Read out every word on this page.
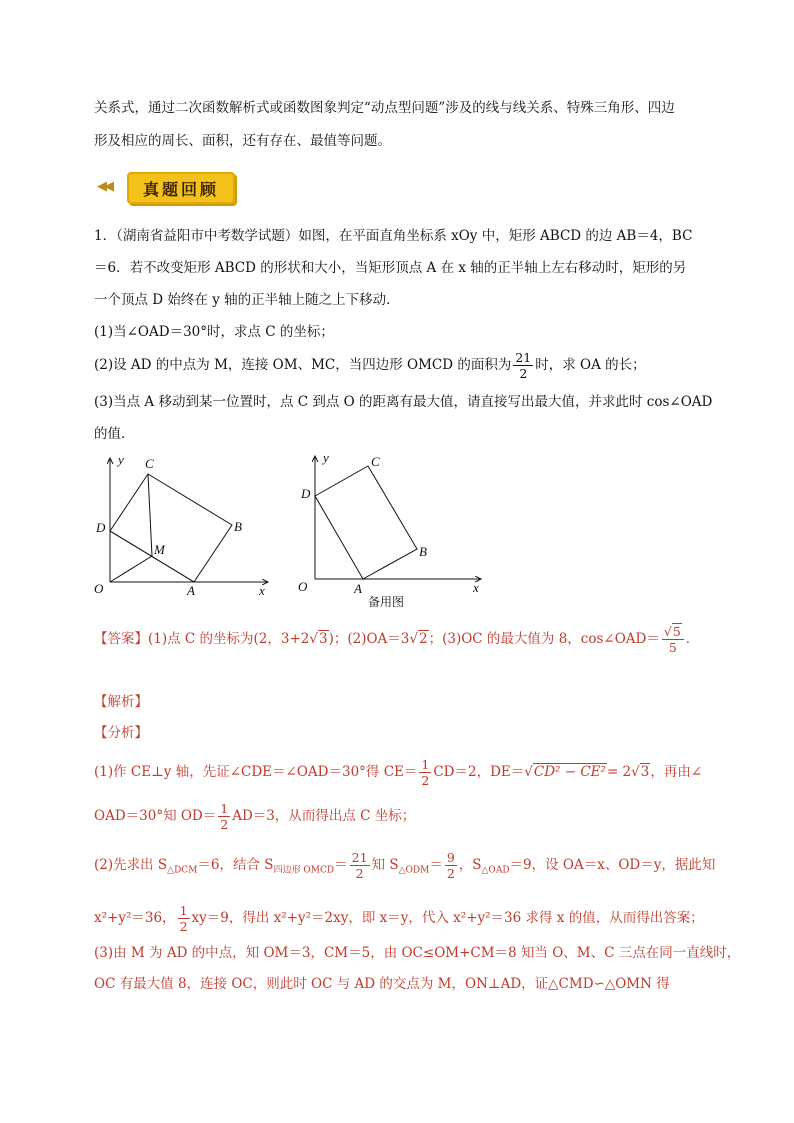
关系式，通过二次函数解析式或函数图象判定“动点型问题”涉及的线与线关系、特殊三角形、四边
形及相应的周长、面积，还有存在、最值等问题。
◀◀	真题回顾
1．（湖南省益阳市中考数学试题）如图，在平面直角坐标系 xOy 中，矩形 ABCD 的边 AB＝4，BC
＝6．若不改变矩形 ABCD 的形状和大小，当矩形顶点 A 在 x 轴的正半轴上左右移动时，矩形的另
一个顶点 D 始终在 y 轴的正半轴上随之上下移动．
(1)当∠OAD＝30°时，求点 C 的坐标；
(2)设 AD 的中点为 M，连接 OM、MC，当四边形 OMCD 的面积为 $\frac{21}{2}$ 时，求 OA 的长；
(3)当点 A 移动到某一位置时，点 C 到点 O 的距离有最大值，请直接写出最大值，并求此时 cos∠OAD
的值．
y
O	A	x
B
C
D
M
y
O	A	x
B
C
D
备用图
【答案】(1)点 C 的坐标为(2，3+2√3)；(2)OA＝3√2；(3)OC 的最大值为 8，cos∠OAD＝ $\frac{√5}{5}$ ．
【解析】
【分析】
(1)作 CE⊥y 轴，先证∠CDE＝∠OAD＝30°得 $CE= \frac{1}{2} CD=2$，DE＝√CD² − CE²= 2√3，再由∠
OAD＝30°知 $OD= \frac{1}{2} AD=3$，从而得出点 C 坐标；
(2)先求出 $S_{\triangle DCM}=6$，结合 $S_{四边形 OMCD}= \frac{21}{2}$ 知 $S_{\triangle ODM}= \frac{9}{2}$ ，$S_{\triangle OAD}=9$，设 OA＝x、OD＝y，据此知
x²+y²＝36， $\frac{1}{2} xy=9$，得出 x²+y²＝2xy，即 x＝y，代入 x²+y²＝36 求得 x 的值，从而得出答案；
(3)由 M 为 AD 的中点，知 OM＝3，CM＝5，由 OC≤OM+CM＝8 知当 O、M、C 三点在同一直线时，
OC 有最大值 8，连接 OC，则此时 OC 与 AD 的交点为 M，ON⊥AD，证△CMD∽△OMN 得
